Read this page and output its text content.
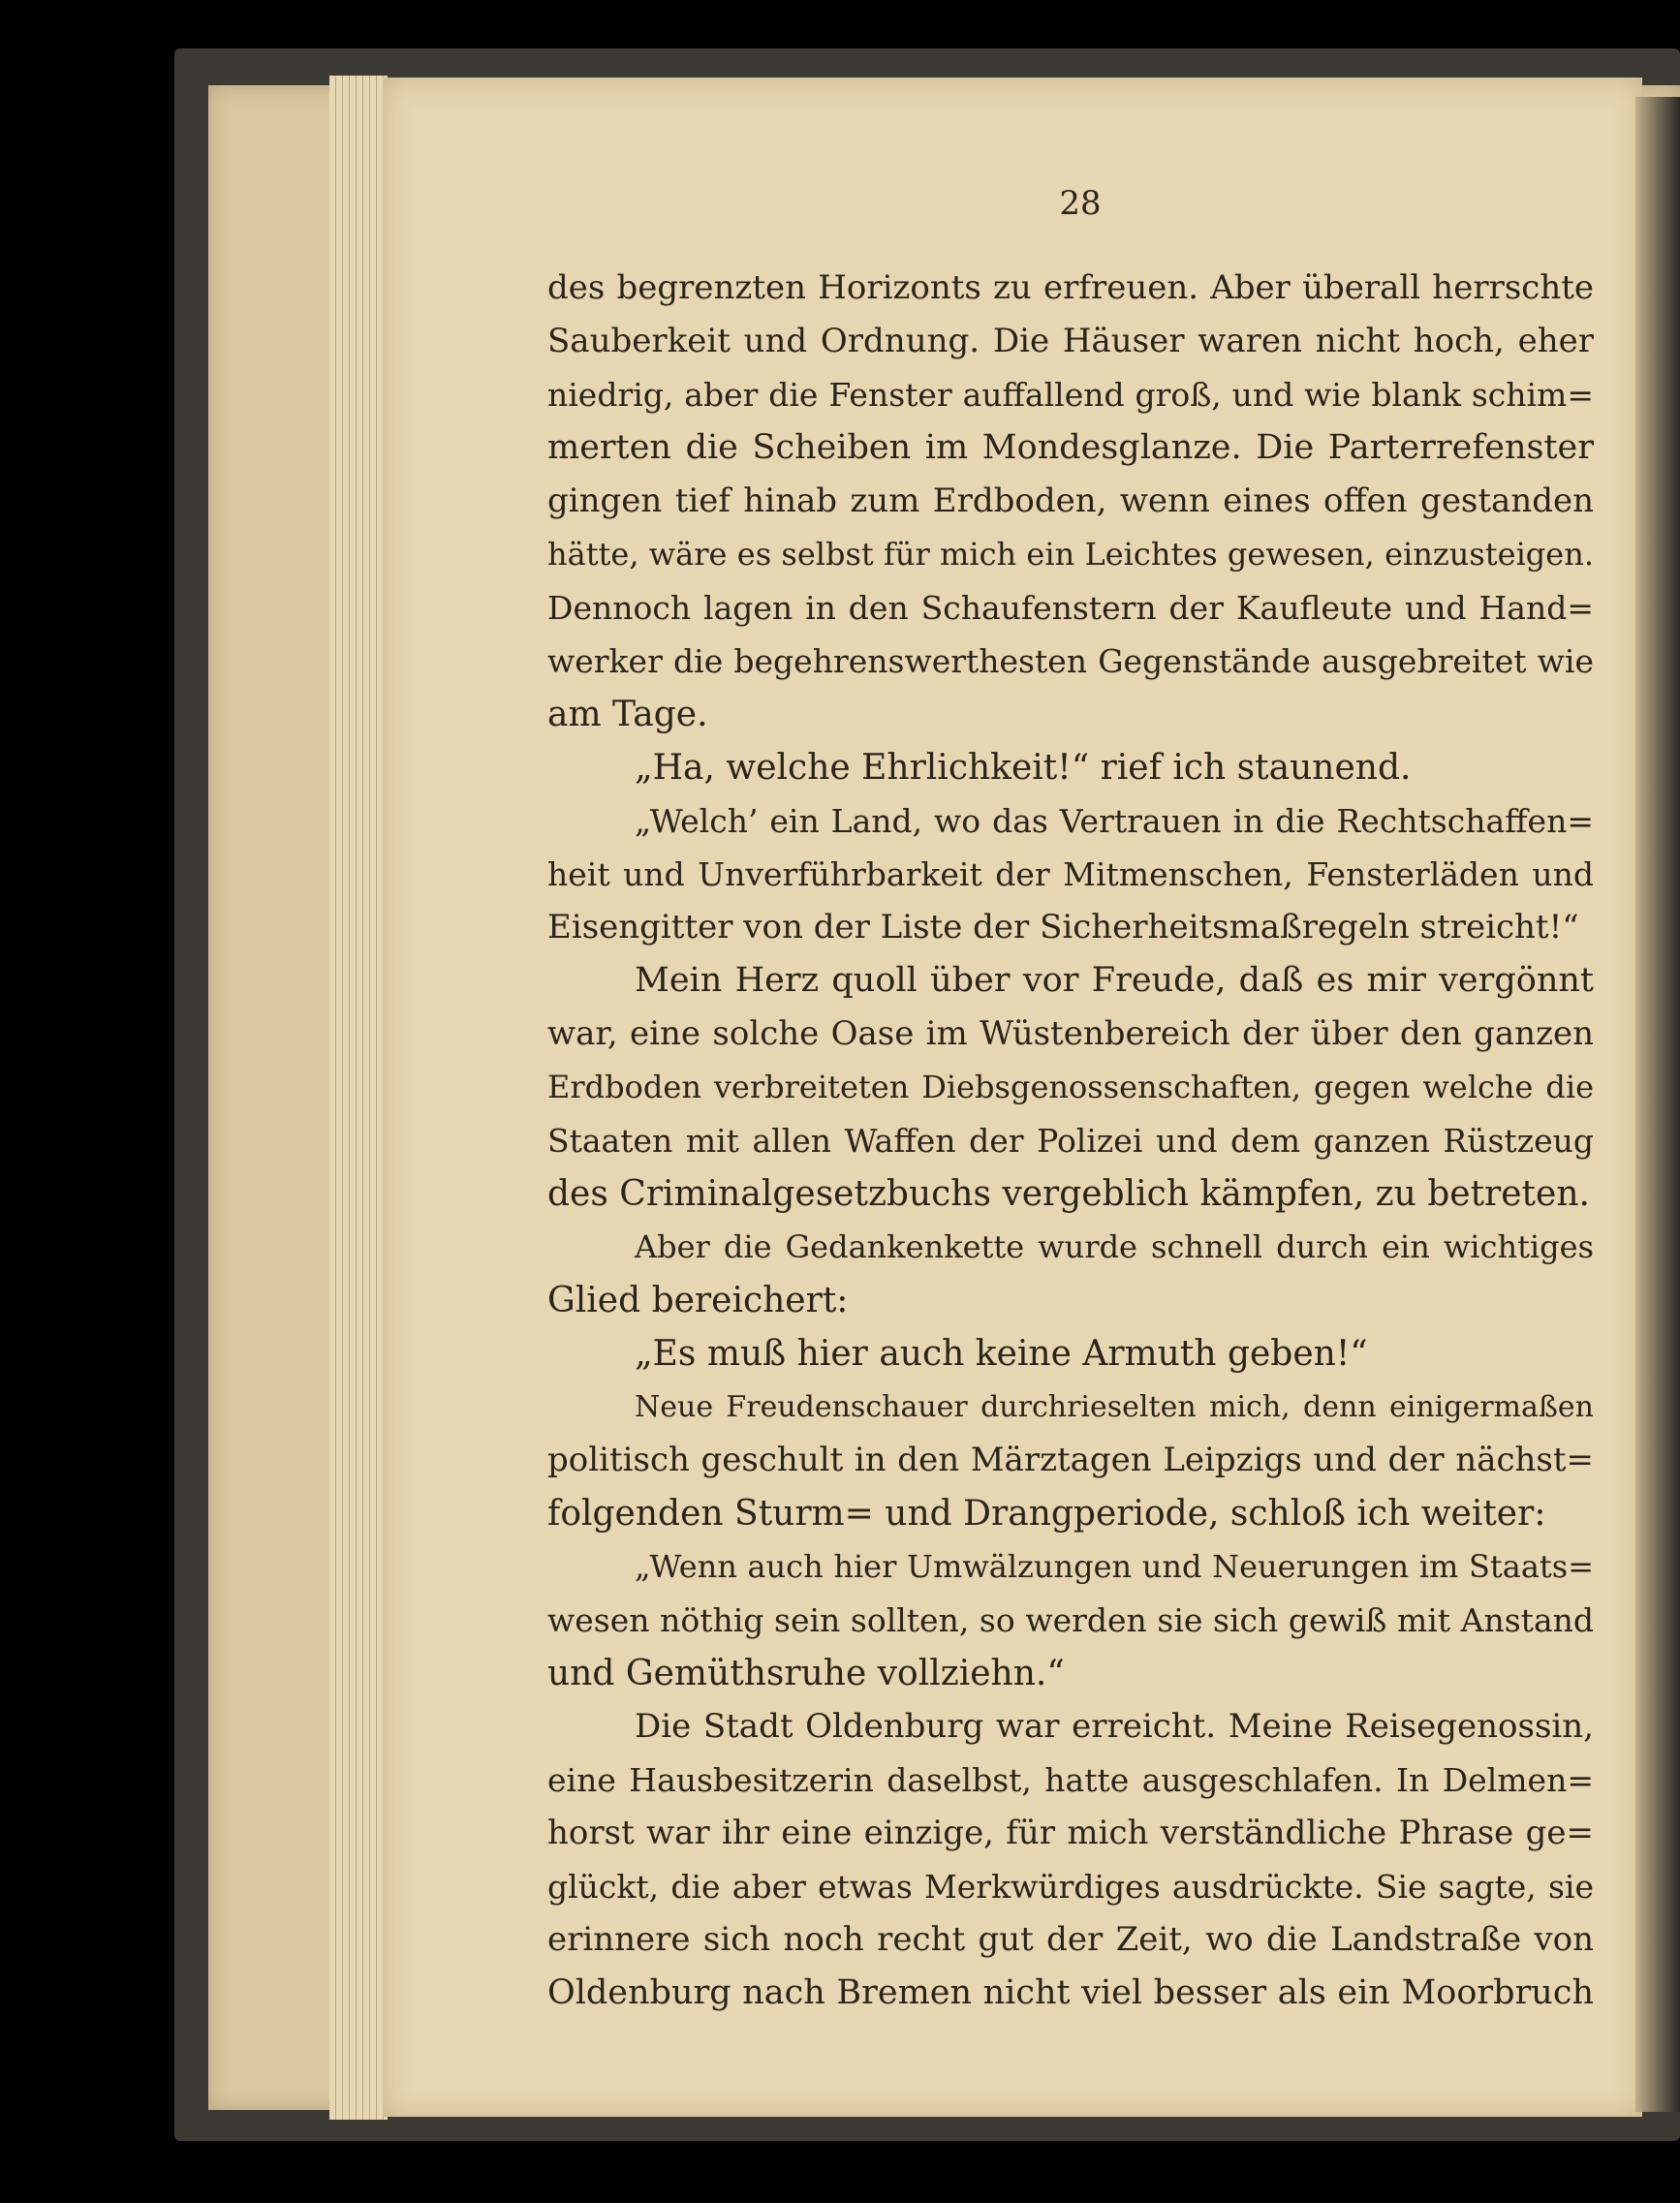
28
des begrenzten Horizonts zu erfreuen. Aber überall herrschte
Sauberkeit und Ordnung. Die Häuser waren nicht hoch, eher
niedrig, aber die Fenster auffallend groß, und wie blank schim=
merten die Scheiben im Mondesglanze. Die Parterrefenster
gingen tief hinab zum Erdboden, wenn eines offen gestanden
hätte, wäre es selbst für mich ein Leichtes gewesen, einzusteigen.
Dennoch lagen in den Schaufenstern der Kaufleute und Hand=
werker die begehrenswerthesten Gegenstände ausgebreitet wie
am Tage.
„Ha, welche Ehrlichkeit!“ rief ich staunend.
„Welch’ ein Land, wo das Vertrauen in die Rechtschaffen=
heit und Unverführbarkeit der Mitmenschen, Fensterläden und
Eisengitter von der Liste der Sicherheitsmaßregeln streicht!“
Mein Herz quoll über vor Freude, daß es mir vergönnt
war, eine solche Oase im Wüstenbereich der über den ganzen
Erdboden verbreiteten Diebsgenossenschaften, gegen welche die
Staaten mit allen Waffen der Polizei und dem ganzen Rüstzeug
des Criminalgesetzbuchs vergeblich kämpfen, zu betreten.
Aber die Gedankenkette wurde schnell durch ein wichtiges
Glied bereichert:
„Es muß hier auch keine Armuth geben!“
Neue Freudenschauer durchrieselten mich, denn einigermaßen
politisch geschult in den Märztagen Leipzigs und der nächst=
folgenden Sturm= und Drangperiode, schloß ich weiter:
„Wenn auch hier Umwälzungen und Neuerungen im Staats=
wesen nöthig sein sollten, so werden sie sich gewiß mit Anstand
und Gemüthsruhe vollziehn.“
Die Stadt Oldenburg war erreicht. Meine Reisegenossin,
eine Hausbesitzerin daselbst, hatte ausgeschlafen. In Delmen=
horst war ihr eine einzige, für mich verständliche Phrase ge=
glückt, die aber etwas Merkwürdiges ausdrückte. Sie sagte, sie
erinnere sich noch recht gut der Zeit, wo die Landstraße von
Oldenburg nach Bremen nicht viel besser als ein Moorbruch
